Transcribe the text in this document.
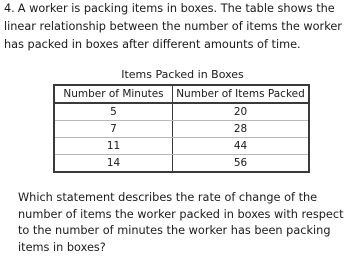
4. A worker is packing items in boxes. The table shows the linear relationship between the number of items the worker has packed in boxes after different amounts of time.
Items Packed in Boxes
Number of Minutes	Number of Items Packed
5	20
7	28
11	44
14	56
Which statement describes the rate of change of the number of items the worker packed in boxes with respect to the number of minutes the worker has been packing items in boxes?
